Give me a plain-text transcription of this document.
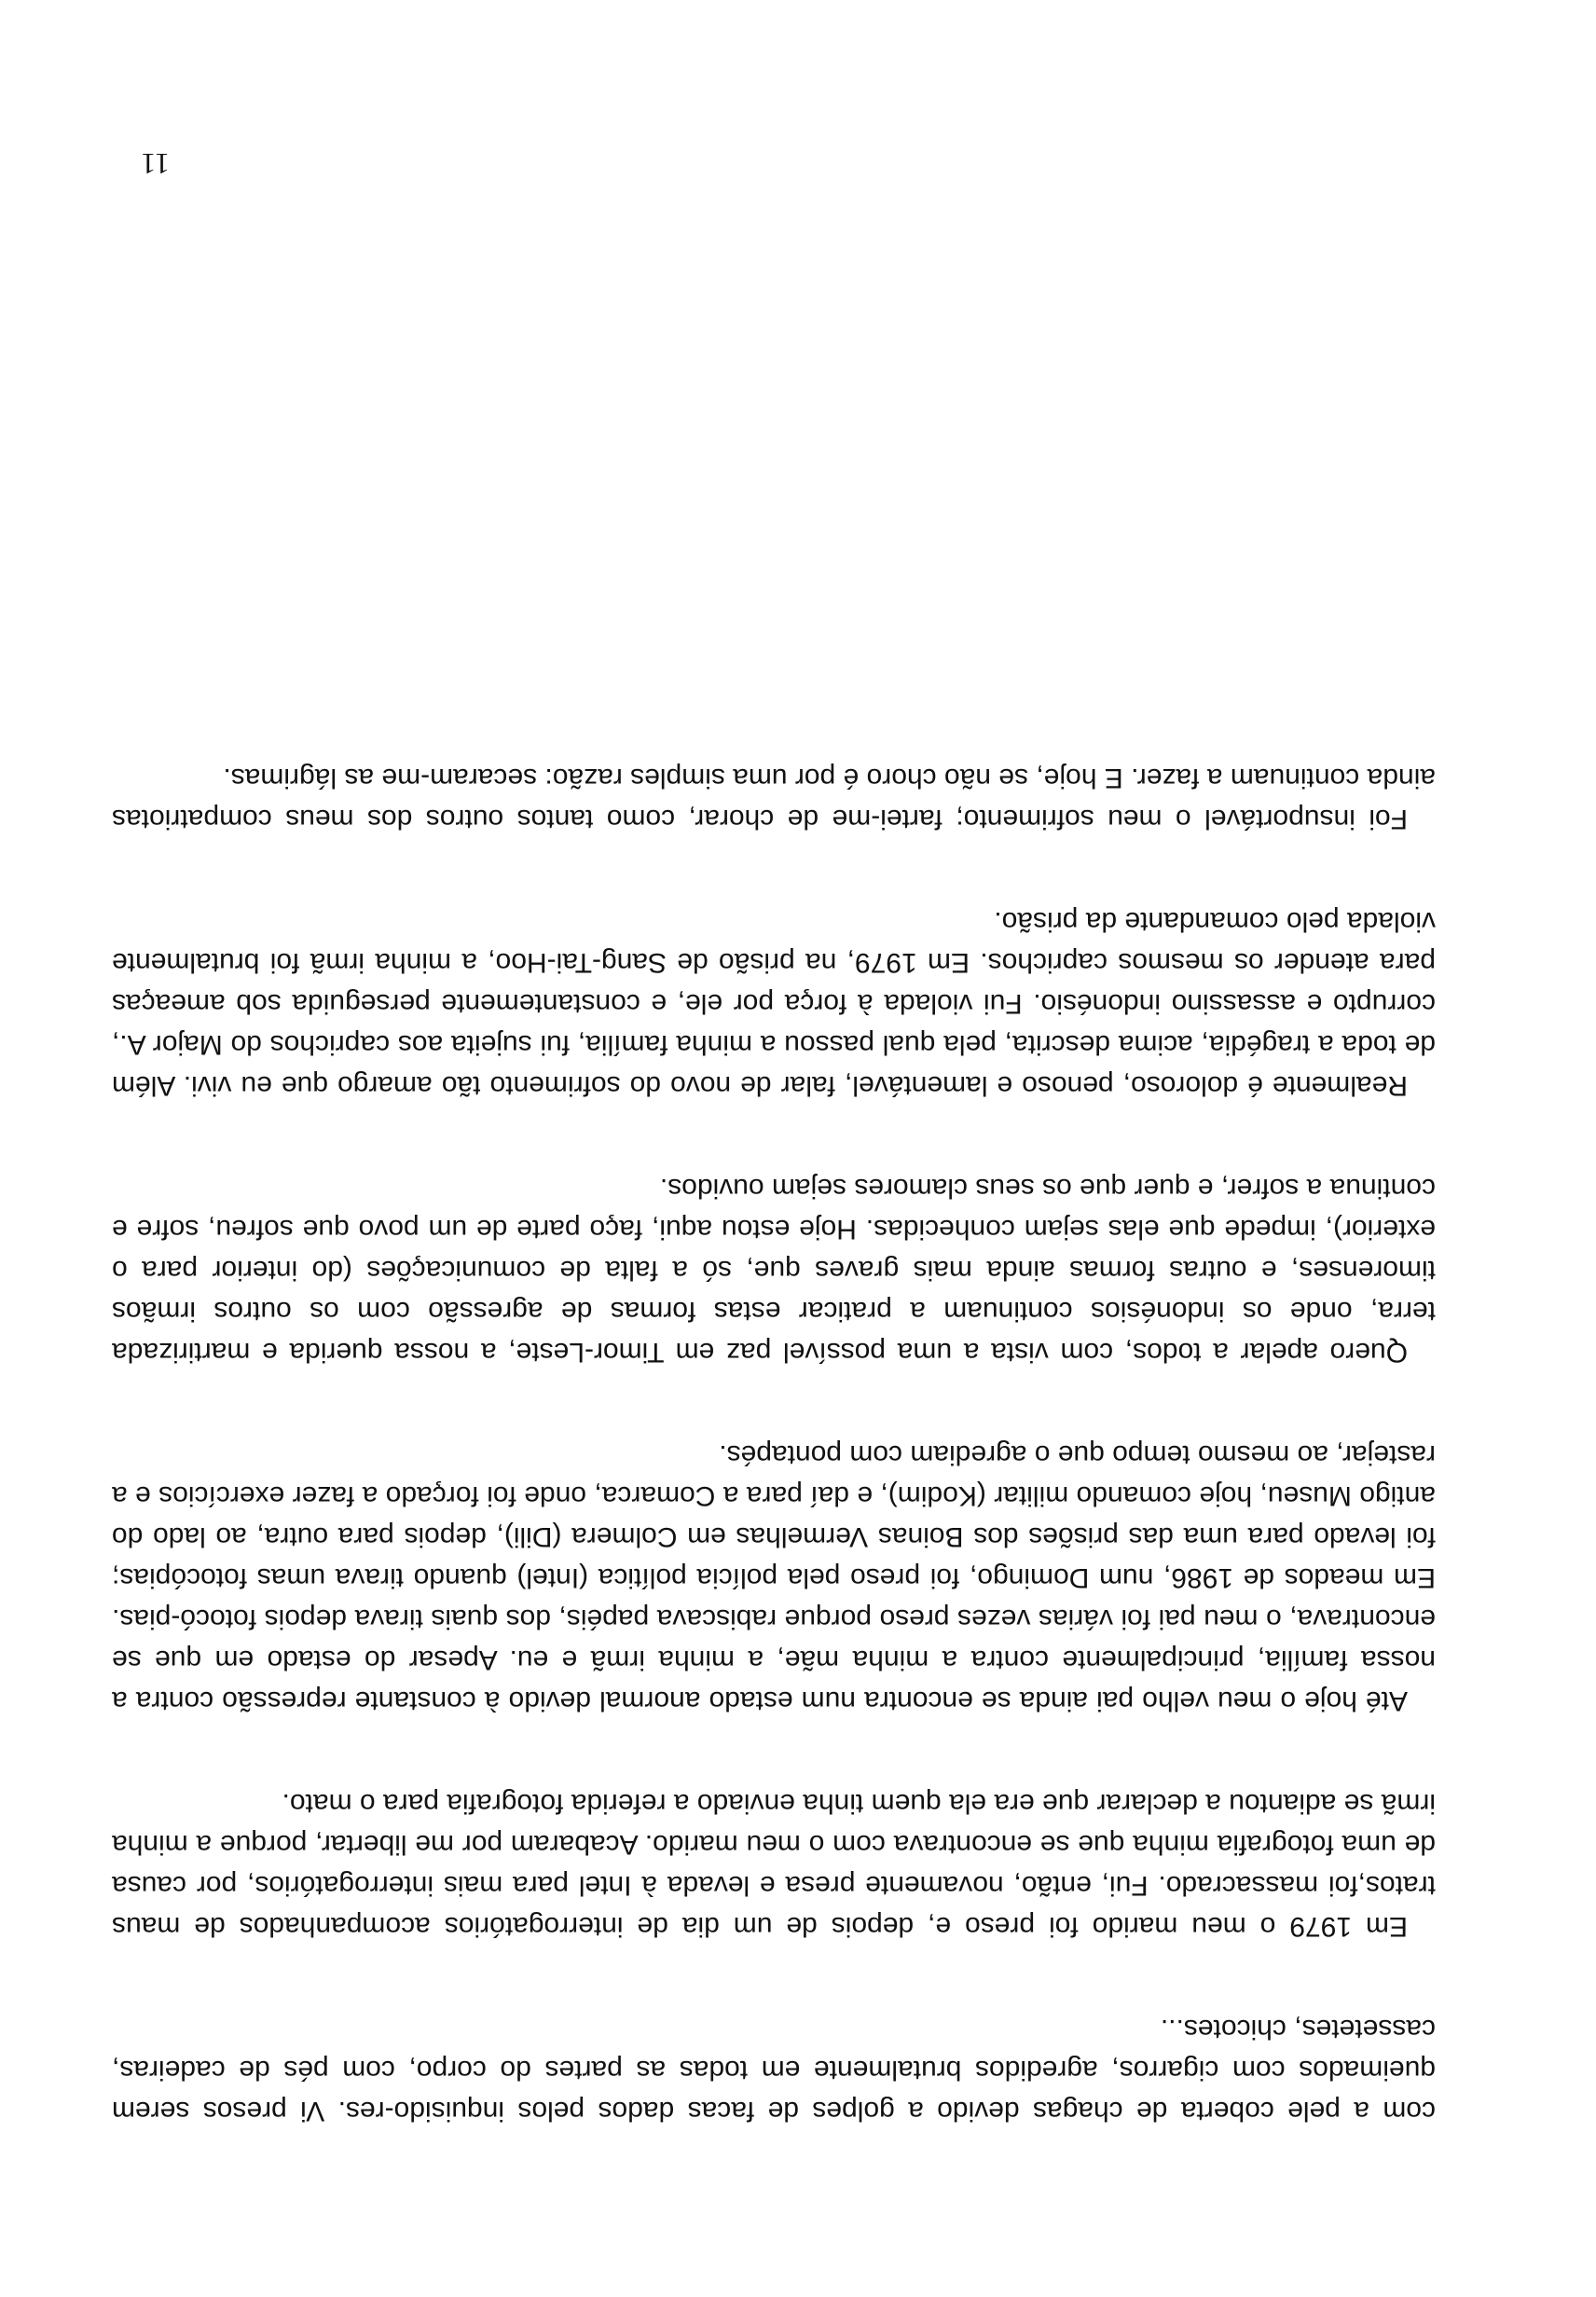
com a pele coberta de chagas devido a golpes de facas dados pelos inquisido-res. Vi presos serem queimados com cigarros, agredidos brutalmente em todas as partes do corpo, com pés de cadeiras, cassetetes, chicotes...

Em 1979 o meu marido foi preso e, depois de um dia de interrogatórios acompanhados de maus tratos,foi massacrado. Fui, então, novamente presa e levada à Intel para mais interrogatórios, por causa de uma fotografia minha que se encontrava com o meu marido. Acabaram por me libertar, porque a minha irmã se adiantou a declarar que era ela quem tinha enviado a referida fotografia para o mato.

Até hoje o meu velho pai ainda se encontra num estado anormal devido à constante repressão contra a nossa família, principalmente contra a minha mãe, a minha irmã e eu. Apesar do estado em que se encontrava, o meu pai foi várias vezes preso porque rabiscava papéis, dos quais tirava depois fotocó-pias. Em meados de 1986, num Domingo, foi preso pela polícia política (Intel) quando tirava umas fotocópias; foi levado para uma das prisões dos Boinas Vermelhas em Colmera (Dili), depois para outra, ao lado do antigo Museu, hoje comando militar (Kodim), e daí para a Comarca, onde foi forçado a fazer exercícios e a rastejar, ao mesmo tempo que o agrediam com pontapés.

Quero apelar a todos, com vista a uma possível paz em Timor-Leste, a nossa querida e martirizada terra, onde os indonésios continuam a praticar estas formas de agressão com os outros irmãos timorenses, e outras formas ainda mais graves que, só a falta de comunicações (do interior para o exterior), impede que elas sejam conhecidas. Hoje estou aqui, faço parte de um povo que sofreu, sofre e continua a sofrer, e quer que os seus clamores sejam ouvidos.

Realmente é doloroso, penoso e lamentável, falar de novo do sofrimento tão amargo que eu vivi. Além de toda a tragédia, acima descrita, pela qual passou a minha família, fui sujeita aos caprichos do Major A., corrupto e assassino indonésio. Fui violada à força por ele, e constantemente perseguida sob ameaças para atender os mesmos caprichos. Em 1979, na prisão de Sang-Tai-Hoo, a minha irmã foi brutalmente violada pelo comandante da prisão.

Foi insuportável o meu sofrimento; fartei-me de chorar, como tantos outros dos meus compatriotas ainda continuam a fazer. E hoje, se não choro é por uma simples razão: secaram-me as lágrimas.

11
